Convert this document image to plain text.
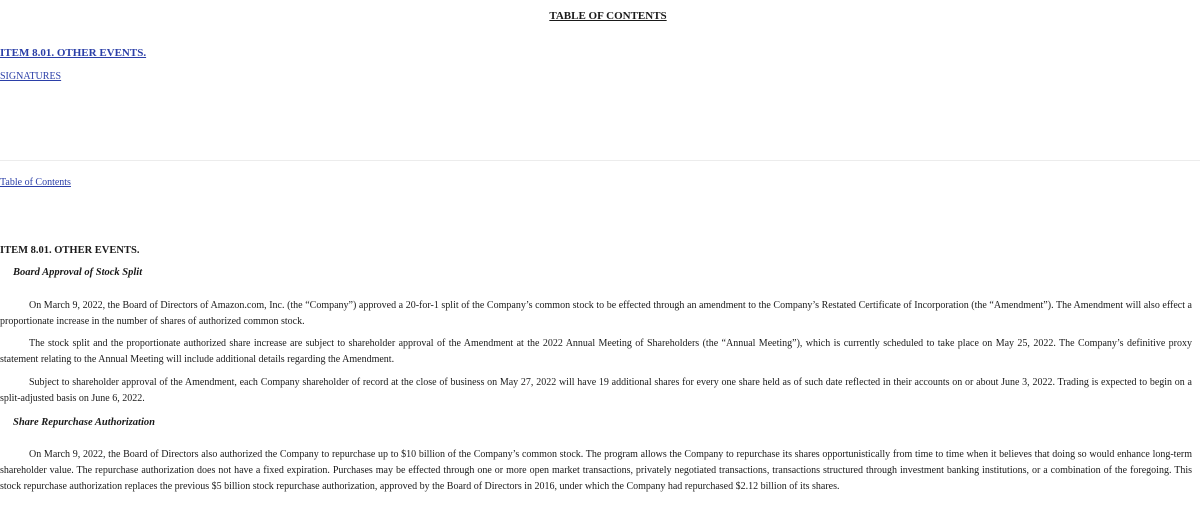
TABLE OF CONTENTS
ITEM 8.01. OTHER EVENTS.
SIGNATURES
Table of Contents
ITEM 8.01. OTHER EVENTS.
Board Approval of Stock Split

On March 9, 2022, the Board of Directors of Amazon.com, Inc. (the “Company”) approved a 20-for-1 split of the Company’s common stock to be effected through an amendment to the Company’s Restated Certificate of Incorporation (the “Amendment”). The Amendment will also effect a proportionate increase in the number of shares of authorized common stock.

The stock split and the proportionate authorized share increase are subject to shareholder approval of the Amendment at the 2022 Annual Meeting of Shareholders (the “Annual Meeting”), which is currently scheduled to take place on May 25, 2022. The Company’s definitive proxy statement relating to the Annual Meeting will include additional details regarding the Amendment.

Subject to shareholder approval of the Amendment, each Company shareholder of record at the close of business on May 27, 2022 will have 19 additional shares for every one share held as of such date reflected in their accounts on or about June 3, 2022. Trading is expected to begin on a split-adjusted basis on June 6, 2022.

Share Repurchase Authorization

On March 9, 2022, the Board of Directors also authorized the Company to repurchase up to $10 billion of the Company’s common stock. The program allows the Company to repurchase its shares opportunistically from time to time when it believes that doing so would enhance long-term shareholder value. The repurchase authorization does not have a fixed expiration. Purchases may be effected through one or more open market transactions, privately negotiated transactions, transactions structured through investment banking institutions, or a combination of the foregoing. This stock repurchase authorization replaces the previous $5 billion stock repurchase authorization, approved by the Board of Directors in 2016, under which the Company had repurchased $2.12 billion of its shares.
